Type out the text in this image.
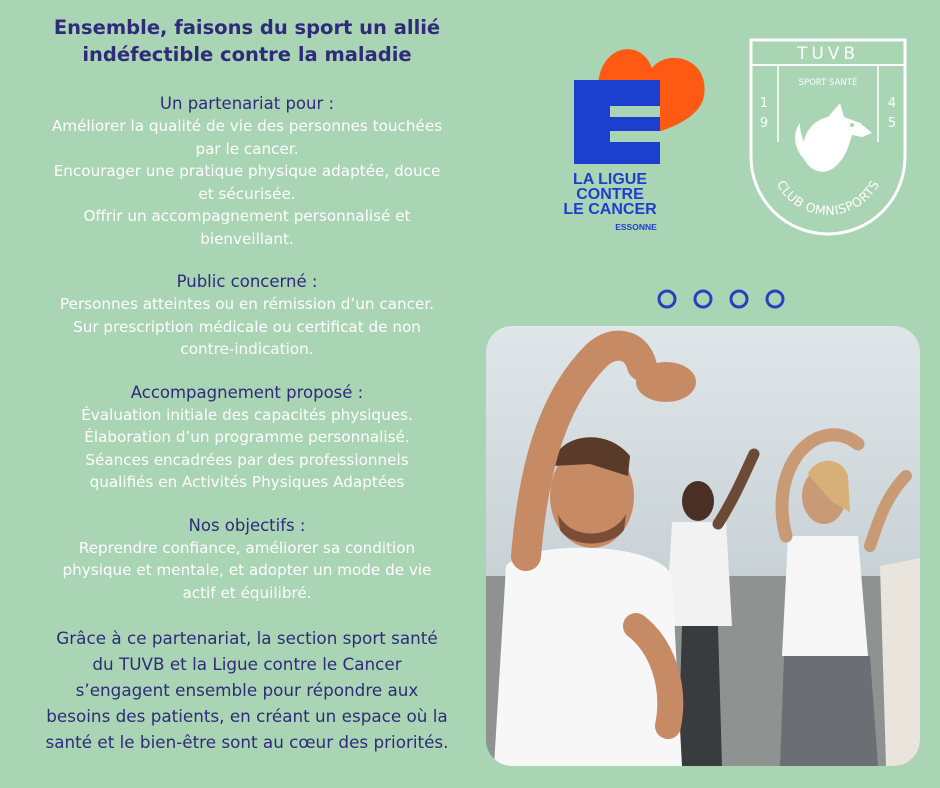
Ensemble, faisons du sport un allié indéfectible contre la maladie
Un partenariat pour :
Améliorer la qualité de vie des personnes touchées
par le cancer.
Encourager une pratique physique adaptée, douce
et sécurisée.
Offrir un accompagnement personnalisé et
bienveillant.
Public concerné :
Personnes atteintes ou en rémission d’un cancer.
Sur prescription médicale ou certificat de non
contre-indication.
Accompagnement proposé :
Évaluation initiale des capacités physiques.
Élaboration d’un programme personnalisé.
Séances encadrées par des professionnels
qualifiés en Activités Physiques Adaptées
Nos objectifs :
Reprendre confiance, améliorer sa condition
physique et mentale, et adopter un mode de vie
actif et équilibré.
Grâce à ce partenariat, la section sport santé
du TUVB et la Ligue contre le Cancer
s’engagent ensemble pour répondre aux
besoins des patients, en créant un espace où la
santé et le bien-être sont au cœur des priorités.
LA LIGUE
CONTRE
LE CANCER
ESSONNE
TUVB
SPORT SANTÉ
1
9
4
5
CLUB OMNISPORTS
